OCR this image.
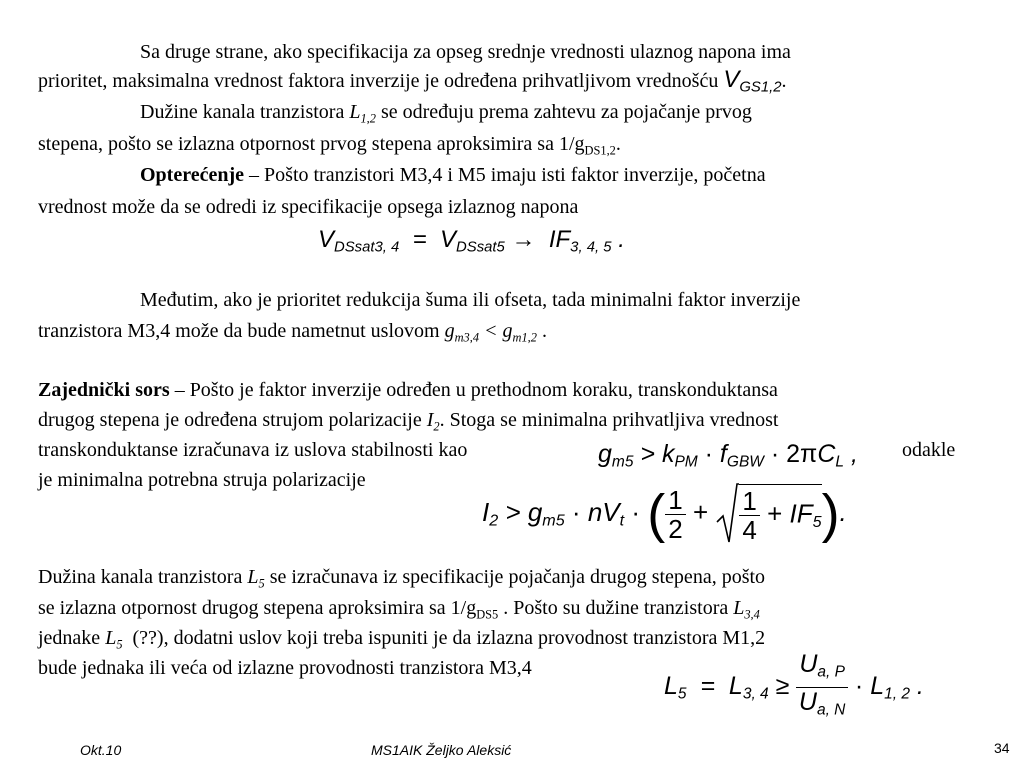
Sa druge strane, ako specifikacija za opseg srednje vrednosti ulaznog napona ima
prioritet, maksimalna vrednost faktora inverzije je određena prihvatljivom vrednošću VGS1,2.
Dužine kanala tranzistora $L_{1,2}$ se određuju prema zahtevu za pojačanje prvog
stepena, pošto se izlazna otpornost prvog stepena aproksimira sa $1/g_{DS1,2}$.
Opterećenje – Pošto tranzistori M3,4 i M5 imaju isti faktor inverzije, početna
vrednost može da se odredi iz specifikacije opsega izlaznog napona
VDSsat3, 4  =  VDSsat5 →  IF3, 4, 5 .
Međutim, ako je prioritet redukcija šuma ili ofseta, tada minimalni faktor inverzije
tranzistora M3,4 može da bude nametnut uslovom $g_{m3,4} < g_{m1,2}$ .
Zajednički sors – Pošto je faktor inverzije određen u prethodnom koraku, transkonduktansa
drugog stepena je određena strujom polarizacije $I_2$. Stoga se minimalna prihvatljiva vrednost
transkonduktanse izračunava iz uslova stabilnosti kao	gm5 > kPM · fGBW · 2πCL , odakle
je minimalna potrebna struja polarizacije
I2 > gm5 · nVt · ( $\frac{1}{2} + \frac{1}{4} + IF5$).
Dužina kanala tranzistora $L_5$ se izračunava iz specifikacije pojačanja drugog stepena, pošto
se izlazna otpornost drugog stepena aproksimira sa $1/g_{DS5}$ . Pošto su dužine tranzistora $L_{3,4}$
jednake $L_5$ (??), dodatni uslov koji treba ispuniti je da izlazna provodnost tranzistora M1,2
bude jednaka ili veća od izlazne provodnosti tranzistora M3,4
L5  =  L3, $4 \ge \frac{Ua, P}{Ua, N} \cdot L1$, 2 .
Okt.10	MS1AIK Željko Aleksić	34
